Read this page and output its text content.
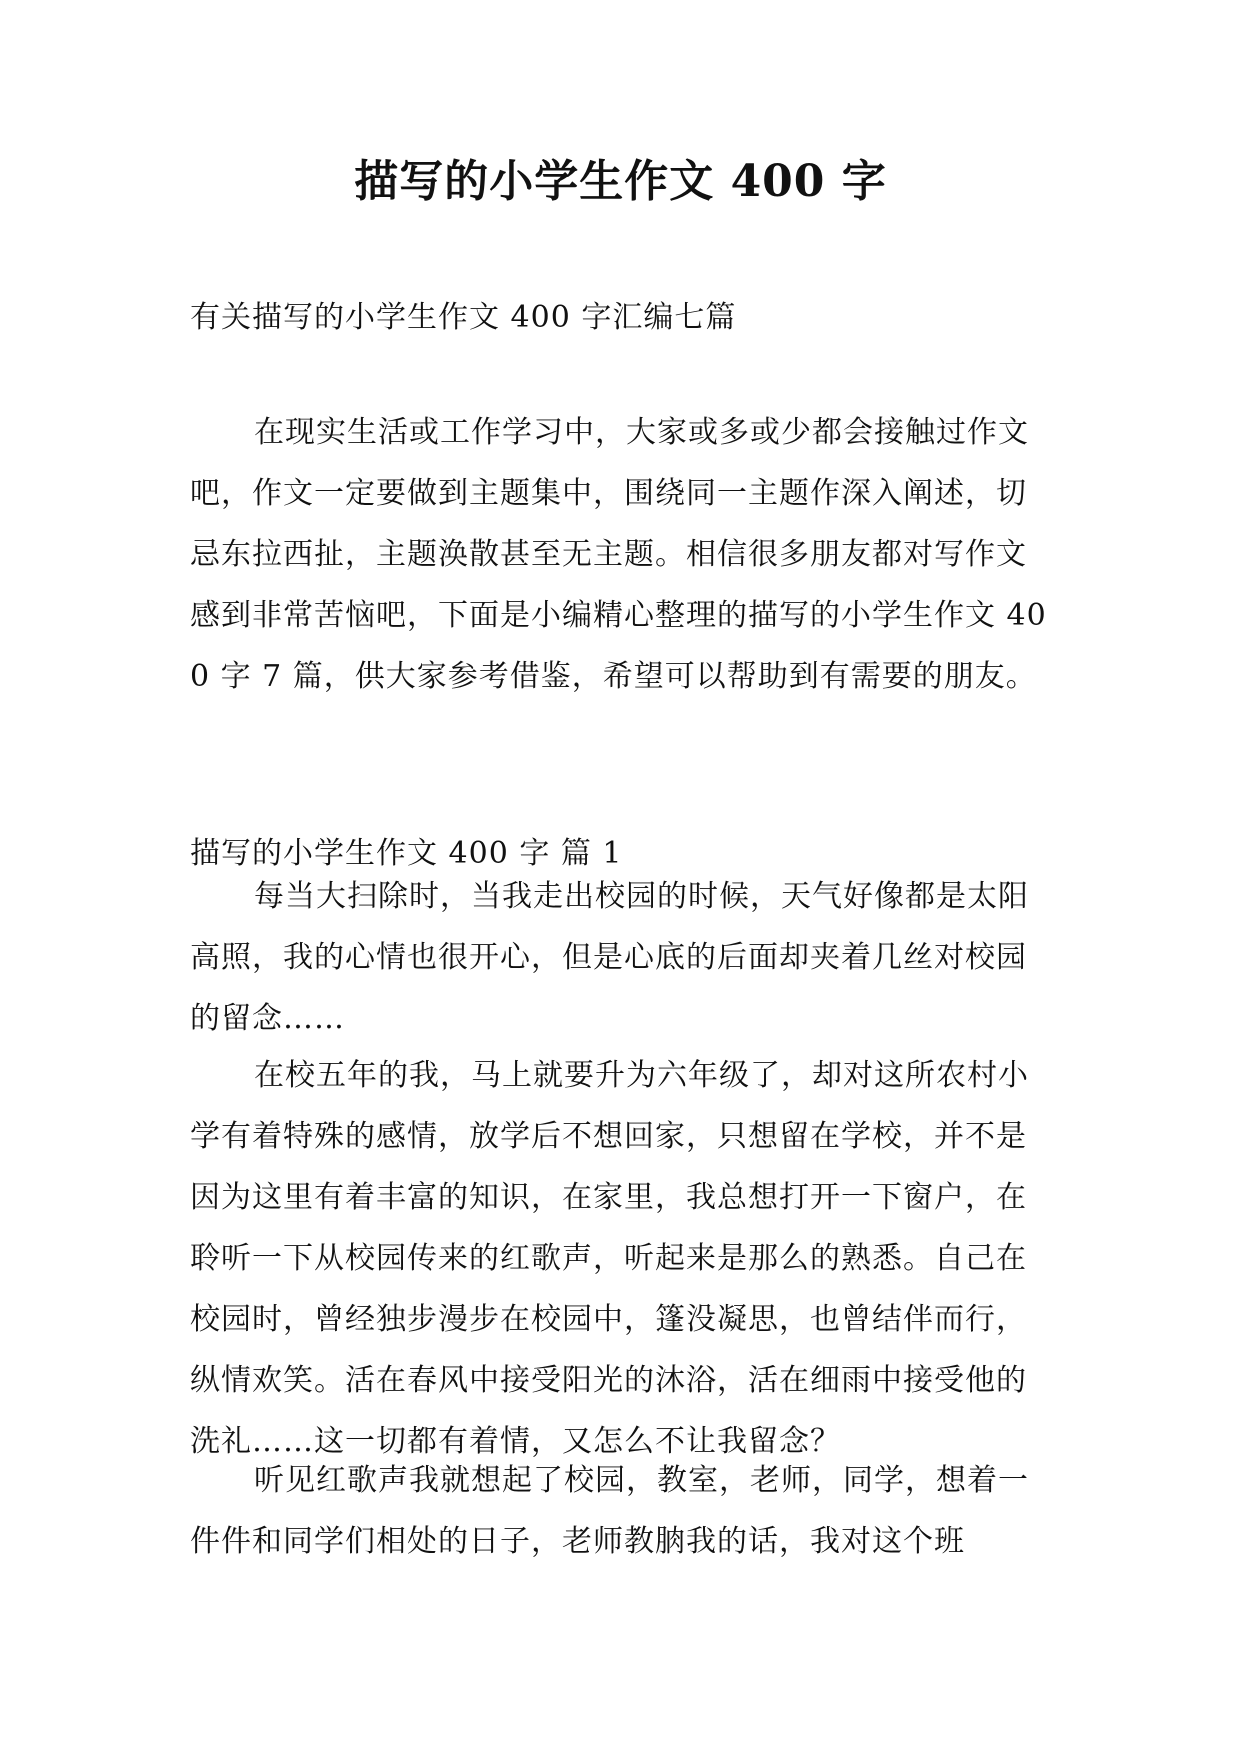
描写的小学生作文 400 字

有关描写的小学生作文 400 字汇编七篇

在现实生活或工作学习中，大家或多或少都会接触过作文吧，作文一定要做到主题集中，围绕同一主题作深入阐述，切忌东拉西扯，主题涣散甚至无主题。相信很多朋友都对写作文感到非常苦恼吧，下面是小编精心整理的描写的小学生作文 400 字 7 篇，供大家参考借鉴，希望可以帮助到有需要的朋友。

描写的小学生作文 400 字 篇 1

每当大扫除时，当我走出校园的时候，天气好像都是太阳高照，我的心情也很开心，但是心底的后面却夹着几丝对校园的留念……

在校五年的我，马上就要升为六年级了，却对这所农村小学有着特殊的感情，放学后不想回家，只想留在学校，并不是因为这里有着丰富的知识，在家里，我总想打开一下窗户，在聆听一下从校园传来的红歌声，听起来是那么的熟悉。自己在校园时，曾经独步漫步在校园中，篷没凝思，也曾结伴而行，纵情欢笑。活在春风中接受阳光的沐浴，活在细雨中接受他的洗礼……这一切都有着情，又怎么不让我留念？

听见红歌声我就想起了校园，教室，老师，同学，想着一件件和同学们相处的日子，老师教朒我的话，我对这个班
